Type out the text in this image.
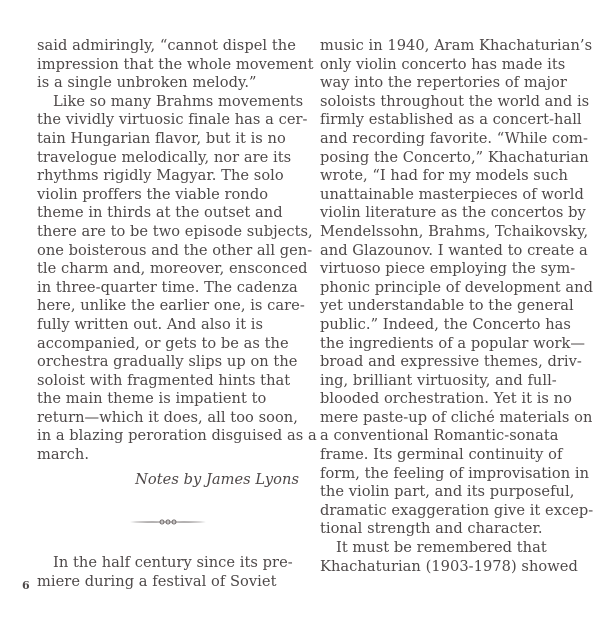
said admiringly, “cannot dispel the
impression that the whole movement
is a single unbroken melody.”
Like so many Brahms movements
the vividly virtuosic finale has a cer-
tain Hungarian flavor, but it is no
travelogue melodically, nor are its
rhythms rigidly Magyar. The solo
violin proffers the viable rondo
theme in thirds at the outset and
there are to be two episode subjects,
one boisterous and the other all gen-
tle charm and, moreover, ensconced
in three-quarter time. The cadenza
here, unlike the earlier one, is care-
fully written out. And also it is
accompanied, or gets to be as the
orchestra gradually slips up on the
soloist with fragmented hints that
the main theme is impatient to
return—which it does, all too soon,
in a blazing peroration disguised as a
march.
Notes by James Lyons
In the half century since its pre-
miere during a festival of Soviet
music in 1940, Aram Khachaturian’s
only violin concerto has made its
way into the repertories of major
soloists throughout the world and is
firmly established as a concert-hall
and recording favorite. “While com-
posing the Concerto,” Khachaturian
wrote, “I had for my models such
unattainable masterpieces of world
violin literature as the concertos by
Mendelssohn, Brahms, Tchaikovsky,
and Glazounov. I wanted to create a
virtuoso piece employing the sym-
phonic principle of development and
yet understandable to the general
public.” Indeed, the Concerto has
the ingredients of a popular work—
broad and expressive themes, driv-
ing, brilliant virtuosity, and full-
blooded orchestration. Yet it is no
mere paste-up of cliché materials on
a conventional Romantic-sonata
frame. Its germinal continuity of
form, the feeling of improvisation in
the violin part, and its purposeful,
dramatic exaggeration give it excep-
tional strength and character.
It must be remembered that
Khachaturian (1903-1978) showed
6
